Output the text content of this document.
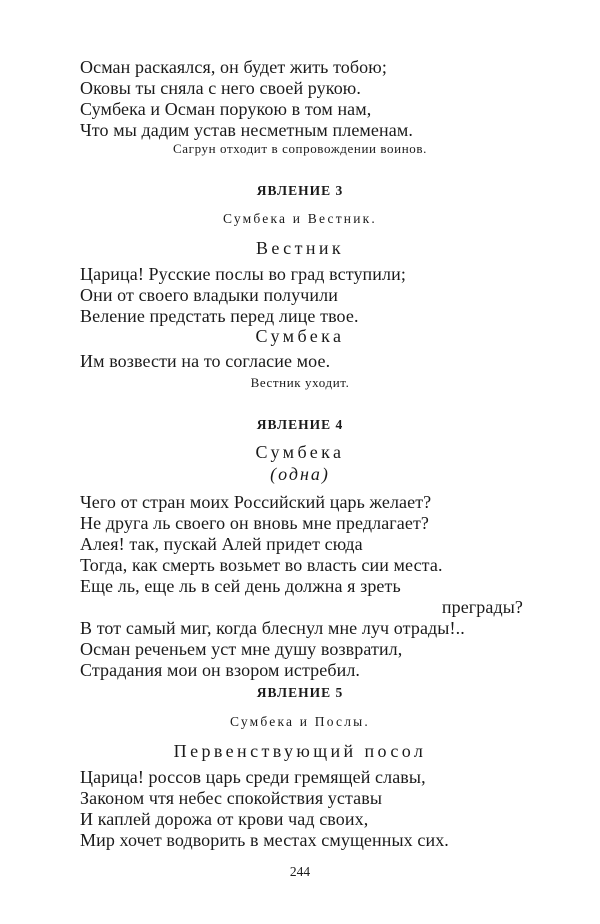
Осман раскаялся, он будет жить тобою;
Оковы ты сняла с него своей рукою.
Сумбека и Осман порукою в том нам,
Что мы дадим устав несметным племенам.
Сагрун отходит в сопровождении воинов.
ЯВЛЕНИЕ 3
Сумбека и Вестник.
Вестник
Царица! Русские послы во град вступили;
Они от своего владыки получили
Веление предстать перед лице твое.
Сумбека
Им возвести на то согласие мое.
Вестник уходит.
ЯВЛЕНИЕ 4
Сумбека
(одна)
Чего от стран моих Российский царь желает?
Не друга ль своего он вновь мне предлагает?
Алея! так, пускай Алей придет сюда
Тогда, как смерть возьмет во власть сии места.
Еще ль, еще ль в сей день должна я зреть
преграды?
В тот самый миг, когда блеснул мне луч отрады!..
Осман реченьем уст мне душу возвратил,
Страдания мои он взором истребил.
ЯВЛЕНИЕ 5
Сумбека и Послы.
Первенствующий посол
Царица! россов царь среди гремящей славы,
Законом чтя небес спокойствия уставы
И каплей дорожа от крови чад своих,
Мир хочет водворить в местах смущенных сих.
244
